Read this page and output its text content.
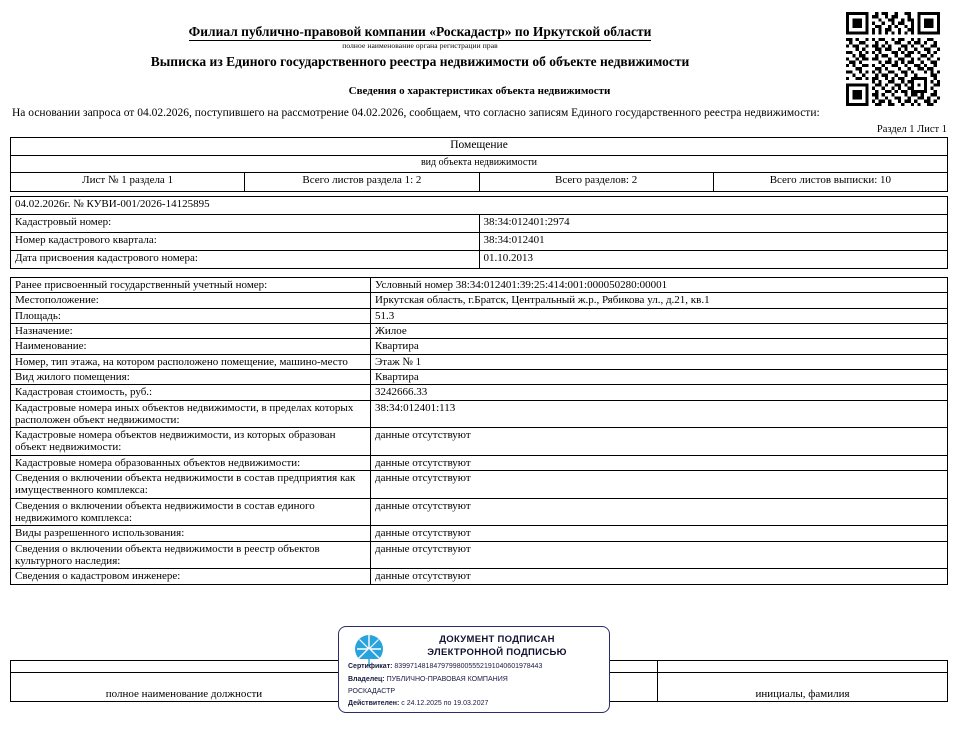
Филиал публично-правовой компании «Роскадастр» по Иркутской области
полное наименование органа регистрации прав
Выписка из Единого государственного реестра недвижимости об объекте недвижимости
Сведения о характеристиках объекта недвижимости
На основании запроса от 04.02.2026, поступившего на рассмотрение 04.02.2026, сообщаем, что согласно записям Единого государственного реестра недвижимости:
Раздел 1 Лист 1
Помещение
вид объекта недвижимости
Лист № 1 раздела 1	Всего листов раздела 1: 2	Всего разделов: 2	Всего листов выписки: 10
04.02.2026г. № КУВИ-001/2026-14125895	
Кадастровый номер:	38:34:012401:2974
Номер кадастрового квартала:	38:34:012401
Дата присвоения кадастрового номера:	01.10.2013
Ранее присвоенный государственный учетный номер:	Условный номер 38:34:012401:39:25:414:001:000050280:00001
Местоположение:	Иркутская область, г.Братск, Центральный ж.р., Рябикова ул., д.21, кв.1
Площадь:	51.3
Назначение:	Жилое
Наименование:	Квартира
Номер, тип этажа, на котором расположено помещение, машино-место	Этаж № 1
Вид жилого помещения:	Квартира
Кадастровая стоимость, руб.:	3242666.33
Кадастровые номера иных объектов недвижимости, в пределах которых расположен объект недвижимости:	38:34:012401:113
Кадастровые номера объектов недвижимости, из которых образован объект недвижимости:	данные отсутствуют
Кадастровые номера образованных объектов недвижимости:	данные отсутствуют
Сведения о включении объекта недвижимости в состав предприятия как имущественного комплекса:	данные отсутствуют
Сведения о включении объекта недвижимости в состав единого недвижимого комплекса:	данные отсутствуют
Виды разрешенного использования:	данные отсутствуют
Сведения о включении объекта недвижимости в реестр объектов культурного наследия:	данные отсутствуют
Сведения о кадастровом инженере:	данные отсутствуют

полное наименование должности			инициалы, фамилия
ДОКУМЕНТ ПОДПИСАН
ЭЛЕКТРОННОЙ ПОДПИСЬЮ
Сертификат: 83997148184797998005552191040601978443
Владелец: ПУБЛИЧНО-ПРАВОВАЯ КОМПАНИЯ
РОСКАДАСТР
Действителен: с 24.12.2025 по 19.03.2027
